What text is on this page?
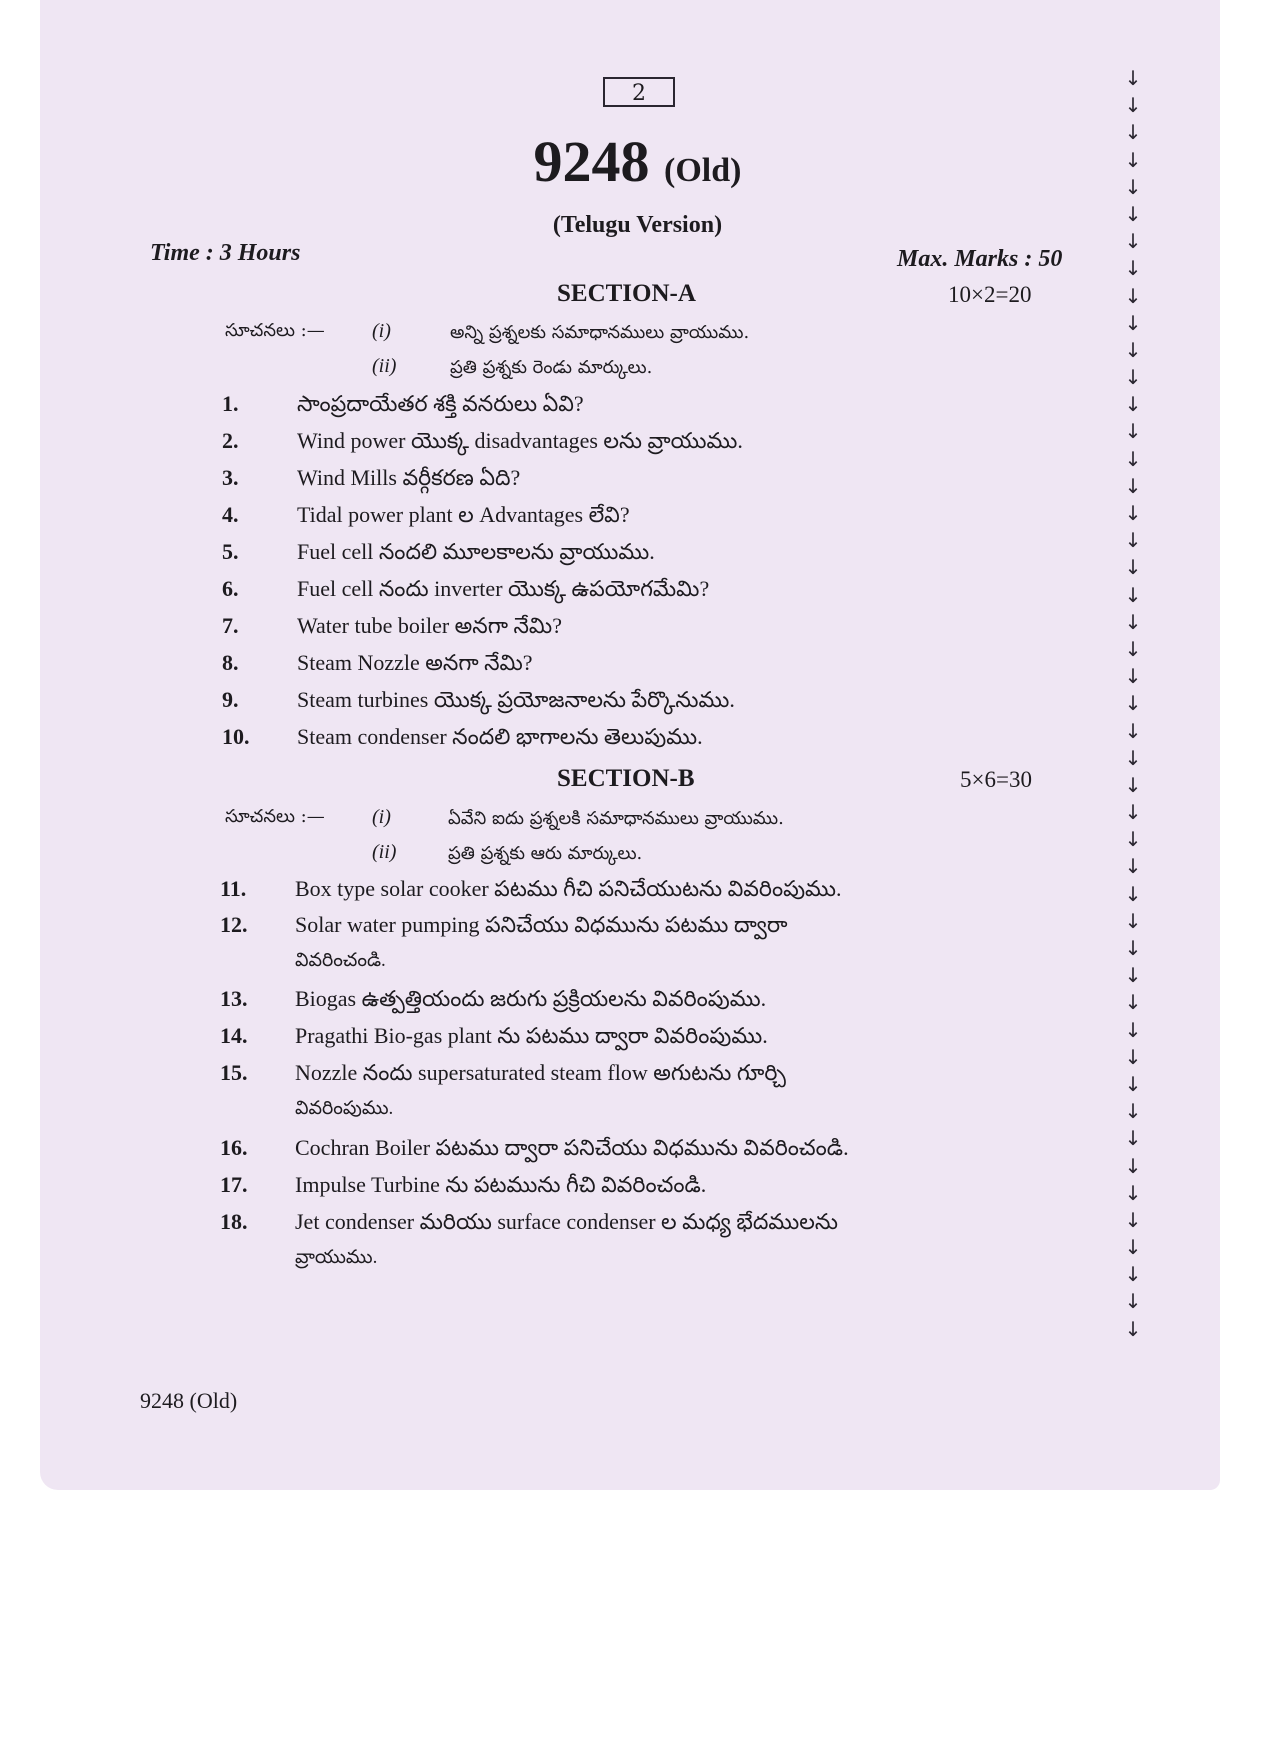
2
9248 (Old)
(Telugu Version)
Time : 3 Hours	Max. Marks : 50
SECTION-A	10×2=20
సూచనలు :— (i)	అన్ని ప్రశ్నలకు సమాధానములు వ్రాయుము.
(ii)	ప్రతి ప్రశ్నకు రెండు మార్కులు.
1.	సాంప్రదాయేతర శక్తి వనరులు ఏవి?
2.	Wind power యొక్క disadvantages లను వ్రాయుము.
3.	Wind Mills వర్గీకరణ ఏది?
4.	Tidal power plant ల Advantages లేవి?
5.	Fuel cell నందలి మూలకాలను వ్రాయుము.
6.	Fuel cell నందు inverter యొక్క ఉపయోగమేమి?
7.	Water tube boiler అనగా నేమి?
8.	Steam Nozzle అనగా నేమి?
9.	Steam turbines యొక్క ప్రయోజనాలను పేర్కొనుము.
10.	Steam condenser నందలి భాగాలను తెలుపుము.
SECTION-B	5×6=30
సూచనలు :— (i)	ఏవేని ఐదు ప్రశ్నలకి సమాధానములు వ్రాయుము.
(ii)	ప్రతి ప్రశ్నకు ఆరు మార్కులు.
11.	Box type solar cooker పటము గీచి పనిచేయుటను వివరింపుము.
12.	Solar water pumping పనిచేయు విధమును పటము ద్వారా
వివరించండి.
13.	Biogas ఉత్పత్తియందు జరుగు ప్రక్రియలను వివరింపుము.
14.	Pragathi Bio-gas plant ను పటము ద్వారా వివరింపుము.
15.	Nozzle నందు supersaturated steam flow అగుటను గూర్చి
వివరింపుము.
16.	Cochran Boiler పటము ద్వారా పనిచేయు విధమును వివరించండి.
17.	Impulse Turbine ను పటమును గీచి వివరించండి.
18.	Jet condenser మరియు surface condenser ల మధ్య భేదములను
వ్రాయుము.
9248 (Old)
↓
↓
↓
↓
↓
↓
↓
↓
↓
↓
↓
↓
↓
↓
↓
↓
↓
↓
↓
↓
↓
↓
↓
↓
↓
↓
↓
↓
↓
↓
↓
↓
↓
↓
↓
↓
↓
↓
↓
↓
↓
↓
↓
↓
↓
↓
↓
